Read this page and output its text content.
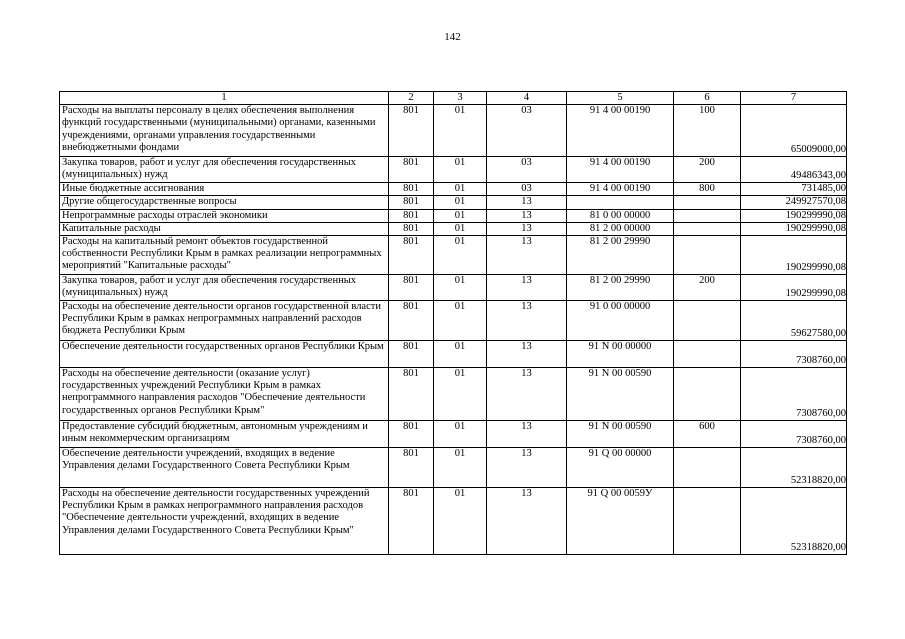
142
1	2	3	4	5	6	7
Расходы на выплаты персоналу в целях обеспечения выполнения функций государственными (муниципальными) органами, казенными учреждениями, органами управления государственными внебюджетными фондами	801	01	03	91 4 00 00190	100	65009000,00
Закупка товаров, работ и услуг для обеспечения государственных (муниципальных) нужд	801	01	03	91 4 00 00190	200	49486343,00
Иные бюджетные ассигнования	801	01	03	91 4 00 00190	800	731485,00
Другие общегосударственные вопросы	801	01	13			249927570,08
Непрограммные расходы отраслей экономики	801	01	13	81 0 00 00000		190299990,08
Капитальные расходы	801	01	13	81 2 00 00000		190299990,08
Расходы на капитальный ремонт объектов государственной собственности Республики Крым в рамках реализации непрограммных мероприятий "Капитальные расходы"	801	01	13	81 2 00 29990		190299990,08
Закупка товаров, работ и услуг для обеспечения государственных (муниципальных) нужд	801	01	13	81 2 00 29990	200	190299990,08
Расходы на обеспечение деятельности органов государственной власти Республики Крым в рамках непрограммных направлений расходов бюджета Республики Крым	801	01	13	91 0 00 00000		59627580,00
Обеспечение деятельности государственных органов Республики Крым	801	01	13	91 N 00 00000		7308760,00
Расходы на обеспечение деятельности (оказание услуг) государственных учреждений Республики Крым в рамках непрограммного направления расходов "Обеспечение деятельности государственных органов Республики Крым"	801	01	13	91 N 00 00590		7308760,00
Предоставление субсидий бюджетным, автономным учреждениям и иным некоммерческим организациям	801	01	13	91 N 00 00590	600	7308760,00
Обеспечение деятельности учреждений, входящих в ведение Управления делами Государственного Совета Республики Крым	801	01	13	91 Q 00 00000		52318820,00
Расходы на обеспечение деятельности государственных учреждений Республики Крым в рамках непрограммного направления расходов "Обеспечение деятельности учреждений, входящих в ведение Управления делами Государственного Совета Республики Крым"	801	01	13	91 Q 00 0059У		52318820,00
